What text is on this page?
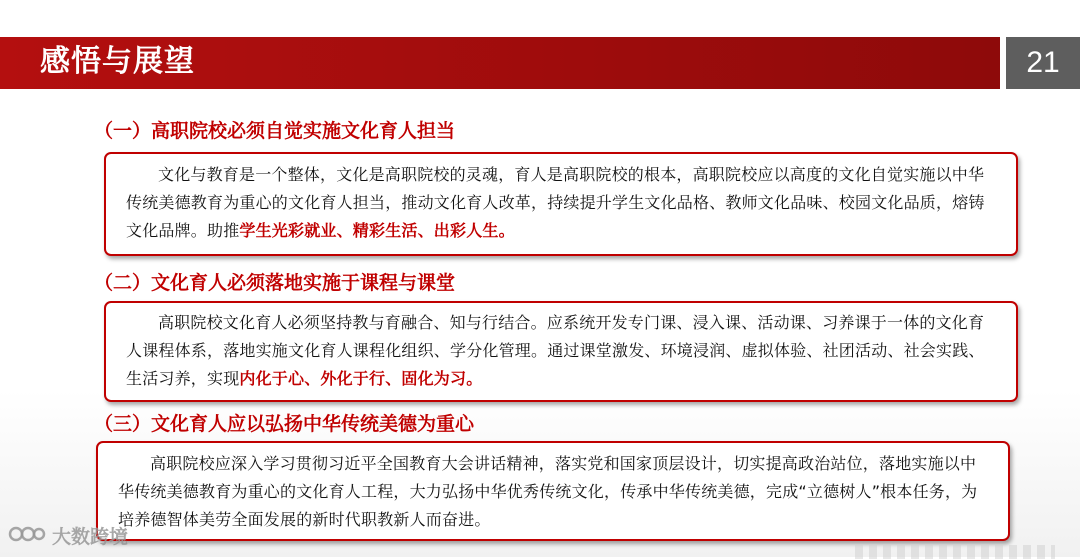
感悟与展望	21
（一）高职院校必须自觉实施文化育人担当

文化与教育是一个整体，文化是高职院校的灵魂，育人是高职院校的根本，高职院校应以高度的文化自觉实施以中华传统美德教育为重心的文化育人担当，推动文化育人改革，持续提升学生文化品格、教师文化品味、校园文化品质，熔铸文化品牌。助推学生光彩就业、精彩生活、出彩人生。

（二）文化育人必须落地实施于课程与课堂

高职院校文化育人必须坚持教与育融合、知与行结合。应系统开发专门课、浸入课、活动课、习养课于一体的文化育人课程体系，落地实施文化育人课程化组织、学分化管理。通过课堂激发、环境浸润、虚拟体验、社团活动、社会实践、生活习养，实现内化于心、外化于行、固化为习。

（三）文化育人应以弘扬中华传统美德为重心

高职院校应深入学习贯彻习近平全国教育大会讲话精神，落实党和国家顶层设计，切实提高政治站位，落地实施以中华传统美德教育为重心的文化育人工程，大力弘扬中华优秀传统文化，传承中华传统美德，完成“立德树人”根本任务，为培养德智体美劳全面发展的新时代职教新人而奋进。

大数跨境
